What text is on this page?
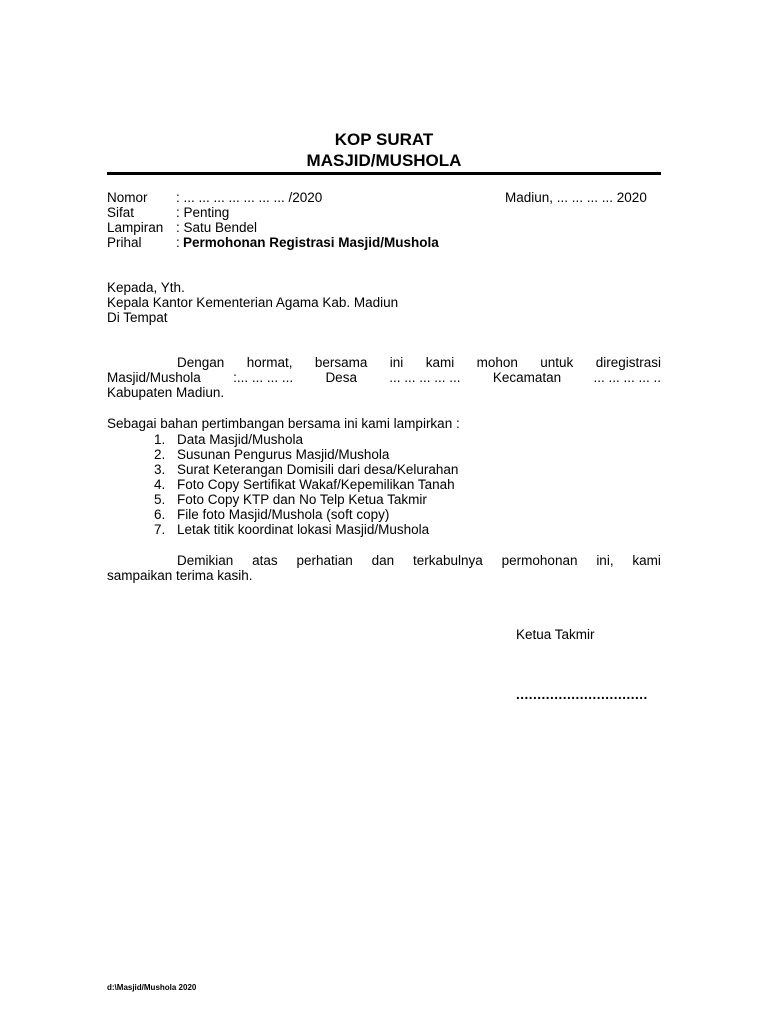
KOP SURAT
MASJID/MUSHOLA
Nomor : ... ... ... ... ... ... ... /2020	Madiun, ... ... ... ... 2020
Sifat	: Penting
Lampiran : Satu Bendel
Prihal	: Permohonan Registrasi Masjid/Mushola
Kepada, Yth.
Kepala Kantor Kementerian Agama Kab. Madiun
Di Tempat
Dengan hormat, bersama ini kami mohon untuk diregistrasi
Masjid/Mushola :... ... ... ... Desa ... ... ... ... ... Kecamatan ... ... ... ... ..
Kabupaten Madiun.
Sebagai bahan pertimbangan bersama ini kami lampirkan :
1. Data Masjid/Mushola
2. Susunan Pengurus Masjid/Mushola
3. Surat Keterangan Domisili dari desa/Kelurahan
4. Foto Copy Sertifikat Wakaf/Kepemilikan Tanah
5. Foto Copy KTP dan No Telp Ketua Takmir
6. File foto Masjid/Mushola (soft copy)
7. Letak titik koordinat lokasi Masjid/Mushola
Demikian atas perhatian dan terkabulnya permohonan ini, kami
sampaikan terima kasih.
Ketua Takmir
...............................
d:\Masjid/Mushola 2020
